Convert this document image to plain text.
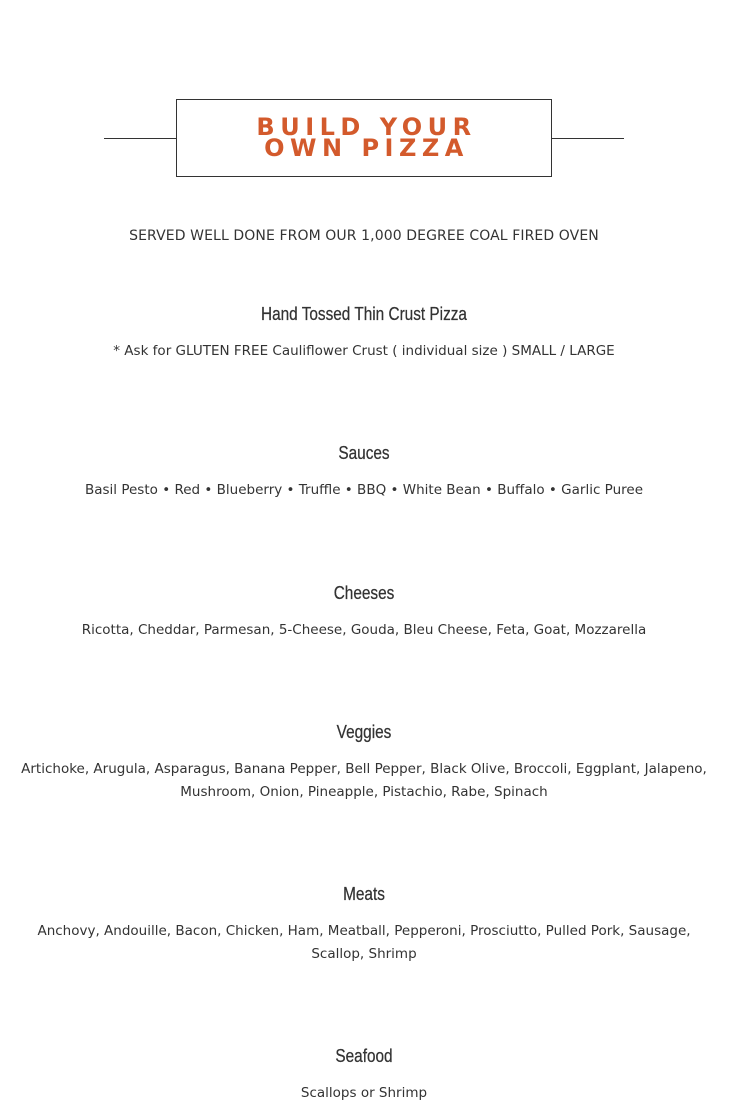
BUILD YOUR OWN PIZZA
SERVED WELL DONE FROM OUR 1,000 DEGREE COAL FIRED OVEN
Hand Tossed Thin Crust Pizza
* Ask for GLUTEN FREE Cauliflower Crust ( individual size ) SMALL / LARGE
Sauces
Basil Pesto • Red • Blueberry • Truffle • BBQ • White Bean • Buffalo • Garlic Puree
Cheeses
Ricotta, Cheddar, Parmesan, 5-Cheese, Gouda, Bleu Cheese, Feta, Goat, Mozzarella
Veggies
Artichoke, Arugula, Asparagus, Banana Pepper, Bell Pepper, Black Olive, Broccoli, Eggplant, Jalapeno, Mushroom, Onion, Pineapple, Pistachio, Rabe, Spinach
Meats
Anchovy, Andouille, Bacon, Chicken, Ham, Meatball, Pepperoni, Prosciutto, Pulled Pork, Sausage, Scallop, Shrimp
Seafood
Scallops or Shrimp
